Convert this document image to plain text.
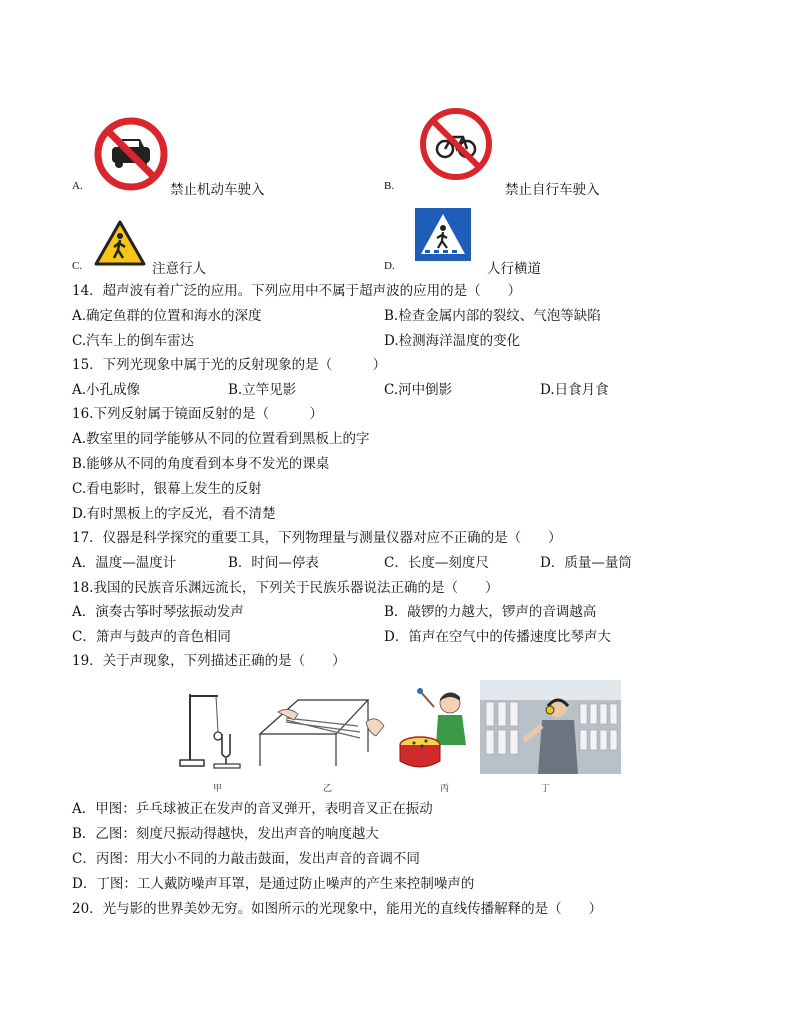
A.	禁止机动车驶入	B.	禁止自行车驶入
C.	注意行人	D.	人行横道
14．超声波有着广泛的应用。下列应用中不属于超声波的应用的是（　　）
A.确定鱼群的位置和海水的深度	B.检查金属内部的裂纹、气泡等缺陷
C.汽车上的倒车雷达	D.检测海洋温度的变化
15．下列光现象中属于光的反射现象的是（　　　）
A.小孔成像	B.立竿见影	C.河中倒影	D.日食月食
16.下列反射属于镜面反射的是（　　　）
A.教室里的同学能够从不同的位置看到黑板上的字
B.能够从不同的角度看到本身不发光的课桌
C.看电影时，银幕上发生的反射
D.有时黑板上的字反光，看不清楚
17．仪器是科学探究的重要工具，下列物理量与测量仪器对应不正确的是（　　）
A．温度—温度计	B．时间—停表	C．长度—刻度尺	D．质量—量筒
18.我国的民族音乐渊远流长，下列关于民族乐器说法正确的是（　　）
A．演奏古筝时琴弦振动发声	B．敲锣的力越大，锣声的音调越高
C．箫声与鼓声的音色相同	D．笛声在空气中的传播速度比琴声大
19．关于声现象，下列描述正确的是（　　）
甲	乙	丙	丁
A．甲图：乒乓球被正在发声的音叉弹开，表明音叉正在振动
B．乙图：刻度尺振动得越快，发出声音的响度越大
C．丙图：用大小不同的力敲击鼓面，发出声音的音调不同
D．丁图：工人戴防噪声耳罩，是通过防止噪声的产生来控制噪声的
20．光与影的世界美妙无穷。如图所示的光现象中，能用光的直线传播解释的是（　　）
